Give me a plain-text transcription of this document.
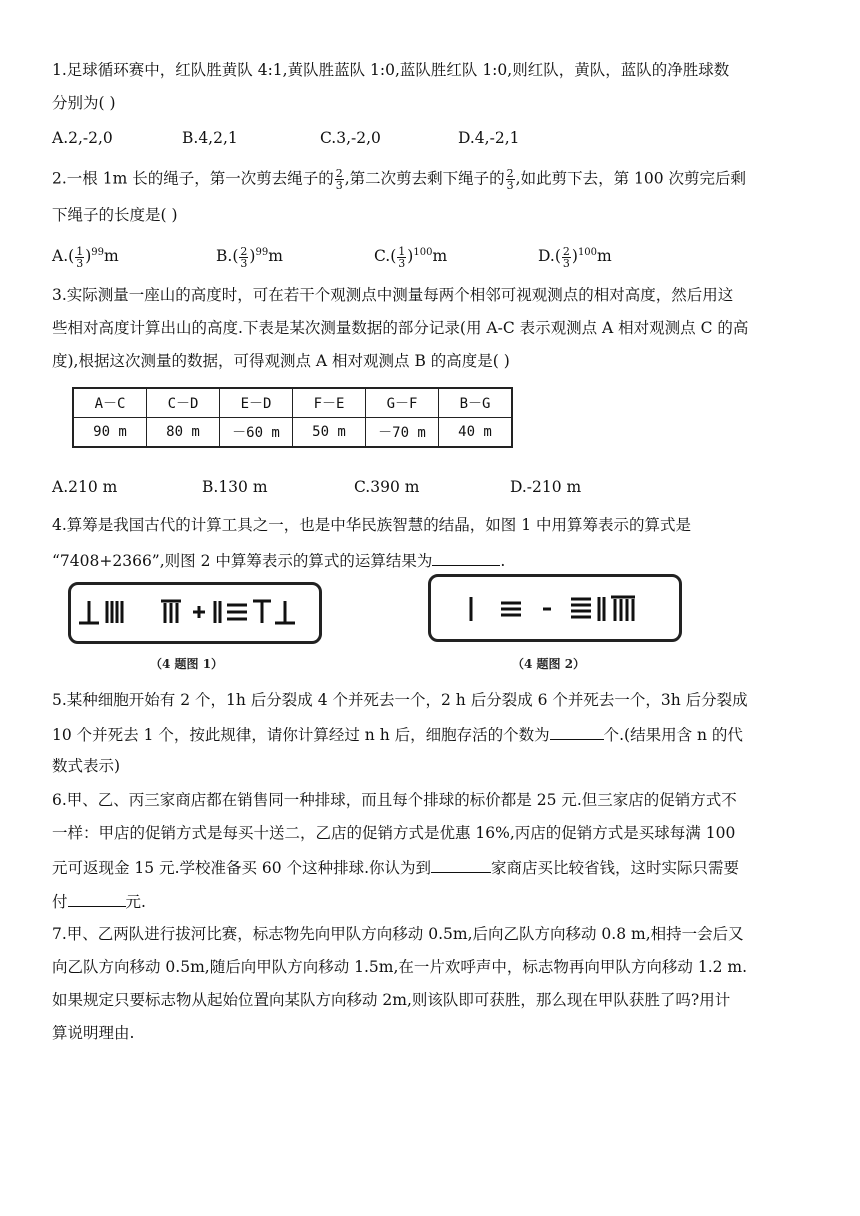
1.足球循环赛中，红队胜黄队 4:1,黄队胜蓝队 1:0,蓝队胜红队 1:0,则红队，黄队，蓝队的净胜球数
分别为( )
A.2,-2,0	B.4,2,1	C.3,-2,0	D.4,-2,1
2.一根 1m 长的绳子，第一次剪去绳子的 $\frac{2}{3}$ ,第二次剪去剩下绳子的 $\frac{2}{3}$ ,如此剪下去，第 100 次剪完后剩
下绳子的长度是( )
$A.( \frac{1}{3} )^{99}m$	$B.( \frac{2}{3} )^{99}m$	$C.( \frac{1}{3} )^{100}m$	$D.( \frac{2}{3} )^{100}m$
3.实际测量一座山的高度时，可在若干个观测点中测量每两个相邻可视观测点的相对高度，然后用这
些相对高度计算出山的高度.下表是某次测量数据的部分记录(用 A-C 表示观测点 A 相对观测点 C 的高
度),根据这次测量的数据，可得观测点 A 相对观测点 B 的高度是( )
A－C	C－D	E－D	F－E	G－F	B－G
90 m	80 m	－60 m	50 m	－70 m	40 m
A.210 m	B.130 m	C.390 m	D.-210 m
4.算筹是我国古代的计算工具之一，也是中华民族智慧的结晶，如图 1 中用算筹表示的算式是
“7408+2366”,则图 2 中算筹表示的算式的运算结果为	.
（4 题图 1）	（4 题图 2）
5.某种细胞开始有 2 个，1h 后分裂成 4 个并死去一个，2 h 后分裂成 6 个并死去一个，3h 后分裂成
10 个并死去 1 个，按此规律，请你计算经过 n h 后，细胞存活的个数为	个.(结果用含 n 的代
数式表示)
6.甲、乙、丙三家商店都在销售同一种排球，而且每个排球的标价都是 25 元.但三家店的促销方式不
一样：甲店的促销方式是每买十送二，乙店的促销方式是优惠 16%,丙店的促销方式是买球每满 100
元可返现金 15 元.学校准备买 60 个这种排球.你认为到	家商店买比较省钱，这时实际只需要
付	元.
7.甲、乙两队进行拔河比赛，标志物先向甲队方向移动 0.5m,后向乙队方向移动 0.8 m,相持一会后又
向乙队方向移动 0.5m,随后向甲队方向移动 1.5m,在一片欢呼声中，标志物再向甲队方向移动 1.2 m.
如果规定只要标志物从起始位置向某队方向移动 2m,则该队即可获胜，那么现在甲队获胜了吗?用计
算说明理由.
